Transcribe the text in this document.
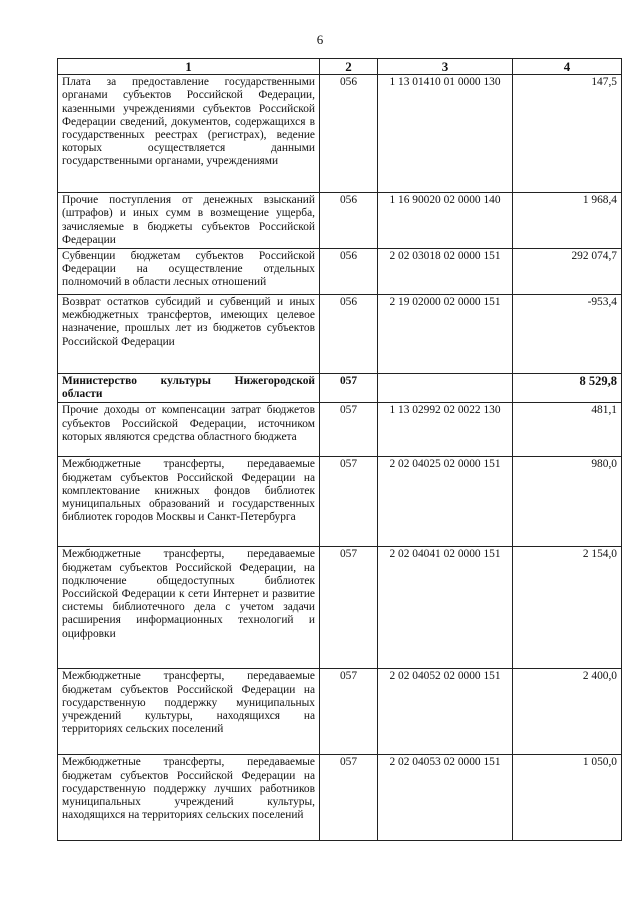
6
1	2	3	4
Плата за предоставление государственными органами субъектов Российской Федерации, казенными учреждениями субъектов Российской Федерации сведений, документов, содержащихся в государственных реестрах (регистрах), ведение которых осуществляется данными государственными органами, учреждениями	056	1 13 01410 01 0000 130	147,5
Прочие поступления от денежных взысканий (штрафов) и иных сумм в возмещение ущерба, зачисляемые в бюджеты субъектов Российской Федерации	056	1 16 90020 02 0000 140	1 968,4
Субвенции бюджетам субъектов Российской Федерации на осуществление отдельных полномочий в области лесных отношений	056	2 02 03018 02 0000 151	292 074,7
Возврат остатков субсидий и субвенций и иных межбюджетных трансфертов, имеющих целевое назначение, прошлых лет из бюджетов субъектов Российской Федерации	056	2 19 02000 02 0000 151	-953,4
Министерство культуры Нижегородской области	057		8 529,8
Прочие доходы от компенсации затрат бюджетов субъектов Российской Федерации, источником которых являются средства областного бюджета	057	1 13 02992 02 0022 130	481,1
Межбюджетные трансферты, передаваемые бюджетам субъектов Российской Федерации на комплектование книжных фондов библиотек муниципальных образований и государственных библиотек городов Москвы и Санкт-Петербурга	057	2 02 04025 02 0000 151	980,0
Межбюджетные трансферты, передаваемые бюджетам субъектов Российской Федерации, на подключение общедоступных библиотек Российской Федерации к сети Интернет и развитие системы библиотечного дела с учетом задачи расширения информационных технологий и оцифровки	057	2 02 04041 02 0000 151	2 154,0
Межбюджетные трансферты, передаваемые бюджетам субъектов Российской Федерации на государственную поддержку муниципальных учреждений культуры, находящихся на территориях сельских поселений	057	2 02 04052 02 0000 151	2 400,0
Межбюджетные трансферты, передаваемые бюджетам субъектов Российской Федерации на государственную поддержку лучших работников муниципальных учреждений культуры, находящихся на территориях сельских поселений	057	2 02 04053 02 0000 151	1 050,0
